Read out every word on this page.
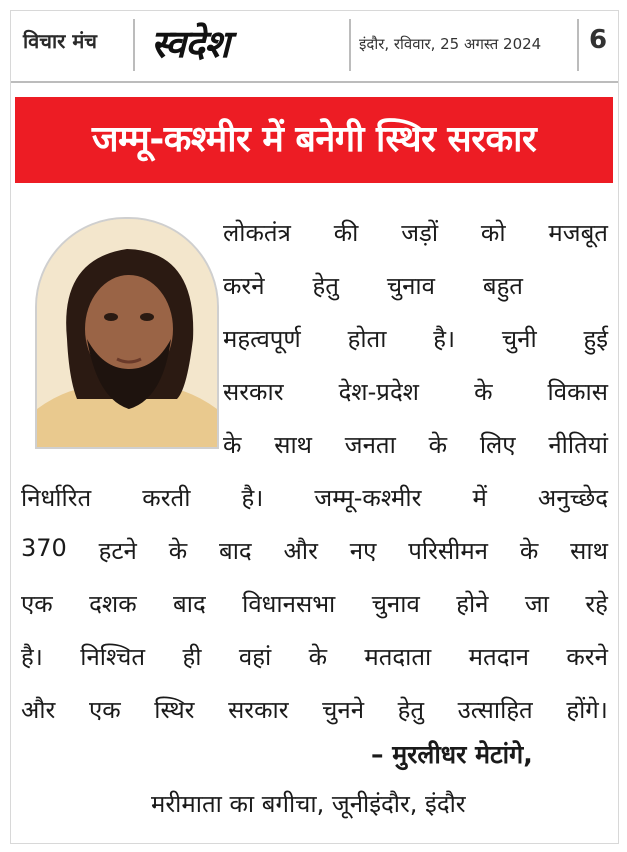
विचार मंच स्वदेश	इंदौर, रविवार, 25 अगस्त 2024 6
जम्मू-कश्मीर में बनेगी स्थिर सरकार
लोकतंत्र की जड़ों को मजबूत
करने हेतु चुनाव बहुत
महत्वपूर्ण होता है। चुनी हुई
सरकार देश-प्रदेश के विकास
के साथ जनता के लिए नीतियां
निर्धारित करती है। जम्मू-कश्मीर में अनुच्छेद
370 हटने के बाद और नए परिसीमन के साथ
एक दशक बाद विधानसभा चुनाव होने जा रहे
है। निश्चित ही वहां के मतदाता मतदान करने
और एक स्थिर सरकार चुनने हेतु उत्साहित होंगे।
– मुरलीधर मेटांगे,
मरीमाता का बगीचा, जूनीइंदौर, इंदौर
